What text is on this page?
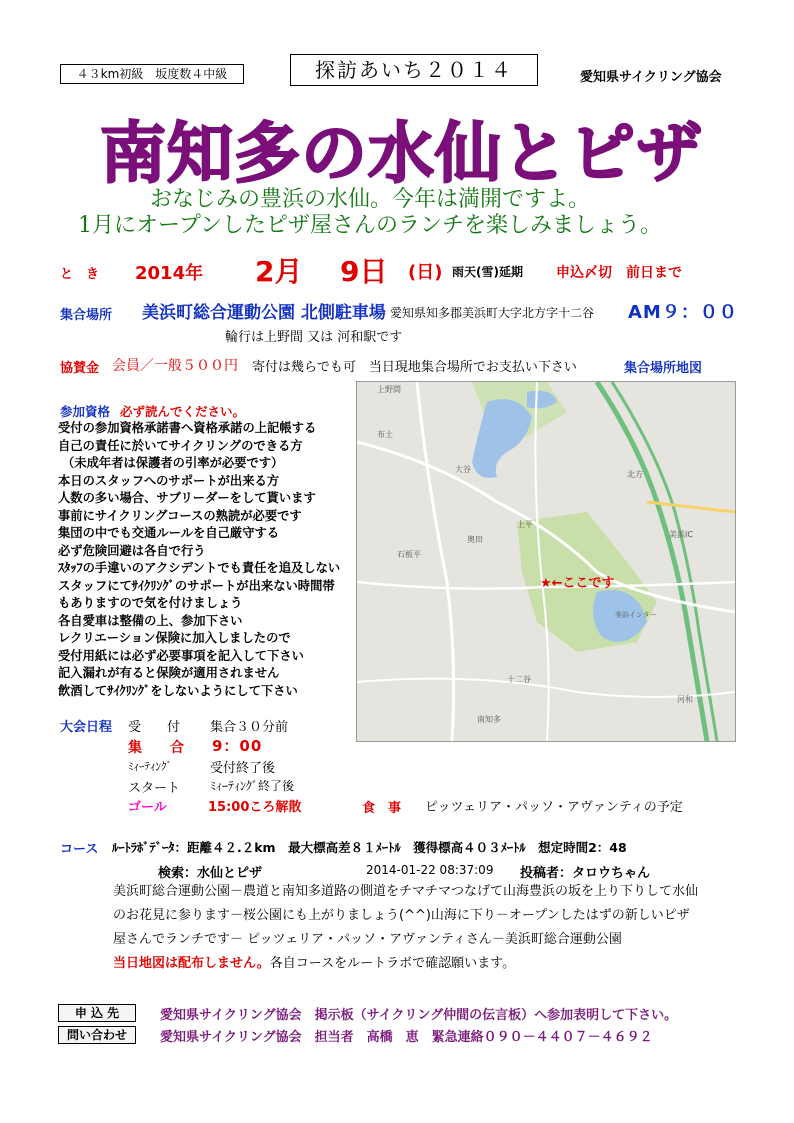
４３km初級　坂度数４中級	探訪あいち２０１４	愛知県サイクリング協会
南知多の水仙とピザ
おなじみの豊浜の水仙。今年は満開ですよ。
1月にオープンしたピザ屋さんのランチを楽しみましょう。
と　き 2014年 2月 9日 (日) 雨天(雪)延期 申込〆切　前日まで
集合場所 美浜町総合運動公園 北側駐車場 愛知県知多郡美浜町大字北方字十二谷 AM９：００
輪行は上野間 又は 河和駅です
協賛金 会員／一般５００円 寄付は幾らでも可　当日現地集合場所でお支払い下さい	集合場所地図
参加資格 必ず読んでください。
受付の参加資格承諾書へ資格承諾の上記帳する
自己の責任に於いてサイクリングのできる方
（未成年者は保護者の引率が必要です）
本日のスタッフへのサポートが出来る方
人数の多い場合、サブリーダーをして貰います
事前にサイクリングコースの熟読が必要です
集団の中でも交通ルールを自己厳守する
必ず危険回避は各自で行う
ｽﾀｯﾌの手違いのアクシデントでも責任を追及しない
スタッフにてｻｲｸﾘﾝｸﾞのサポートが出来ない時間帯
もありますので気を付けましょう
各自愛車は整備の上、参加下さい
レクリエーション保険に加入しましたので
受付用紙には必ず必要事項を記入して下さい
記入漏れが有ると保険が適用されません
飲酒してｻｲｸﾘﾝｸﾞをしないようにして下さい
★←ここです
上野間
美浜IC
北方
河和
布土
大谷
上平
奥田
南知多
十二谷
石板平
美浜インター
大会日程 受　　付 集合３０分前
集　　合 9：00
ﾐｨｰﾃｨﾝｸﾞ	受付終了後
スタート ﾐｨｰﾃｨﾝｸﾞ終了後
ゴール	15:00ころ解散	食　事 ピッツェリア・パッソ・アヴァンティの予定
コース ﾙｰﾄﾗﾎﾞﾃﾞｰﾀ：距離４２.２km　最大標高差８１ﾒｰﾄﾙ　獲得標高４０３ﾒｰﾄﾙ　想定時間2：48
検索：水仙とピザ	2014-01-22 08:37:09 投稿者：タロウちゃん
美浜町総合運動公園－農道と南知多道路の側道をチマチマつなげて山海豊浜の坂を上り下りして水仙
のお花見に参ります－桜公園にも上がりましょう(^^)山海に下り－オープンしたはずの新しいピザ
屋さんでランチです－ ピッツェリア・パッソ・アヴァンティさん－美浜町総合運動公園
当日地図は配布しません。各自コースをルートラボで確認願います。
申 込 先	愛知県サイクリング協会　掲示板（サイクリング仲間の伝言板）へ参加表明して下さい。
問い合わせ	愛知県サイクリング協会　担当者　高橋　恵　緊急連絡０９０－４４０７－４６９２
